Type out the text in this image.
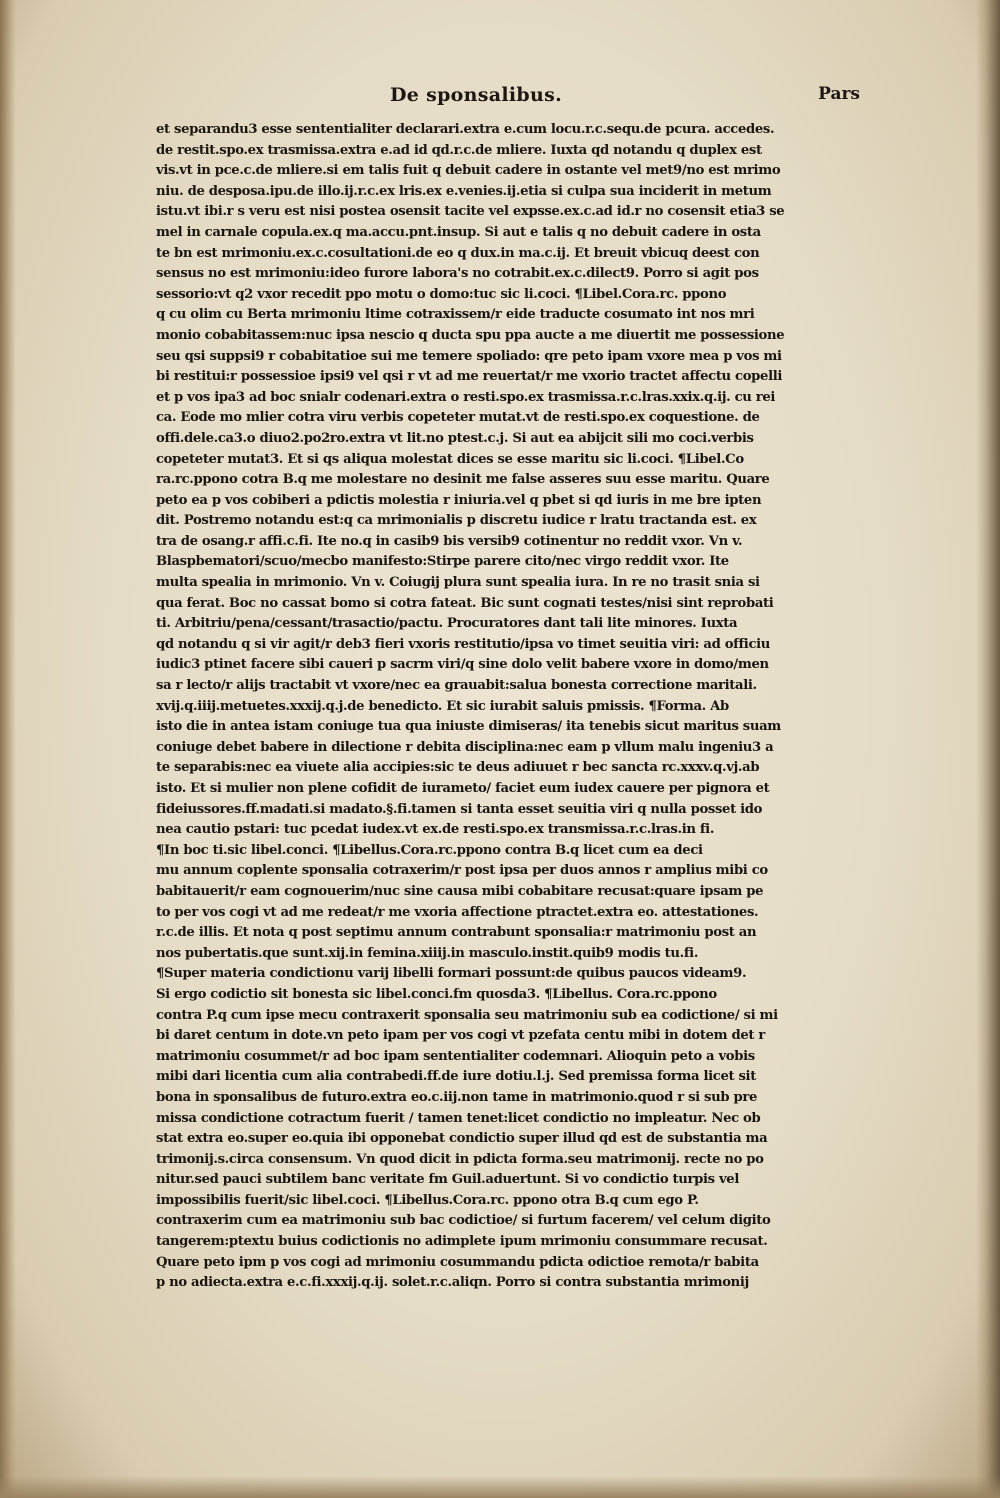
De sponsalibus.	Pars
et separandu3 esse sententialiter declarari.extra e.cum locu.r.c.sequ.de pcura. accedes.
de restit.spo.ex trasmissa.extra e.ad id qd.r.c.de mliere. Iuxta qd notandu q duplex est
vis.vt in pce.c.de mliere.si em talis fuit q debuit cadere in ostante vel met9/no est mrimo
niu. de desposa.ipu.de illo.ij.r.c.ex lris.ex e.venies.ij.etia si culpa sua inciderit in metum
istu.vt ibi.r s veru est nisi postea osensit tacite vel expsse.ex.c.ad id.r no cosensit etia3 se
mel in carnale copula.ex.q ma.accu.pnt.insup. Si aut e talis q no debuit cadere in osta
te bn est mrimoniu.ex.c.cosultationi.de eo q dux.in ma.c.ij. Et breuit vbicuq deest con
sensus no est mrimoniu:ideo furore labora's no cotrabit.ex.c.dilect9. Porro si agit pos
sessorio:vt q2 vxor recedit ppo motu o domo:tuc sic li.coci. ¶Libel.Cora.rc. ppono
q cu olim cu Berta mrimoniu ltime cotraxissem/r eide traducte cosumato int nos mri
monio cobabitassem:nuc ipsa nescio q ducta spu ppa aucte a me diuertit me possessione
seu qsi suppsi9 r cobabitatioe sui me temere spoliado: qre peto ipam vxore mea p vos mi
bi restitui:r possessioe ipsi9 vel qsi r vt ad me reuertat/r me vxorio tractet affectu copelli
et p vos ipa3 ad boc snialr codenari.extra o resti.spo.ex trasmissa.r.c.lras.xxix.q.ij. cu rei
ca. Eode mo mlier cotra viru verbis copeteter mutat.vt de resti.spo.ex coquestione. de
offi.dele.ca3.o diuo2.po2ro.extra vt lit.no ptest.c.j. Si aut ea abijcit sili mo coci.verbis
copeteter mutat3. Et si qs aliqua molestat dices se esse maritu sic li.coci. ¶Libel.Co
ra.rc.ppono cotra B.q me molestare no desinit me false asseres suu esse maritu. Quare
peto ea p vos cobiberi a pdictis molestia r iniuria.vel q pbet si qd iuris in me bre ipten
dit. Postremo notandu est:q ca mrimonialis p discretu iudice r lratu tractanda est. ex
tra de osang.r affi.c.fi. Ite no.q in casib9 bis versib9 cotinentur no reddit vxor. Vn v.
Blaspbematori/scuo/mecbo manifesto:Stirpe parere cito/nec virgo reddit vxor. Ite
multa spealia in mrimonio. Vn v. Coiugij plura sunt spealia iura. In re no trasit snia si
qua ferat. Boc no cassat bomo si cotra fateat. Bic sunt cognati testes/nisi sint reprobati
ti. Arbitriu/pena/cessant/trasactio/pactu. Procuratores dant tali lite minores. Iuxta
qd notandu q si vir agit/r deb3 fieri vxoris restitutio/ipsa vo timet seuitia viri: ad officiu
iudic3 ptinet facere sibi caueri p sacrm viri/q sine dolo velit babere vxore in domo/men
sa r lecto/r alijs tractabit vt vxore/nec ea grauabit:salua bonesta correctione maritali.
xvij.q.iiij.metuetes.xxxij.q.j.de benedicto. Et sic iurabit saluis pmissis. ¶Forma. Ab
isto die in antea istam coniuge tua qua iniuste dimiseras/ ita tenebis sicut maritus suam
coniuge debet babere in dilectione r debita disciplina:nec eam p vllum malu ingeniu3 a
te separabis:nec ea viuete alia accipies:sic te deus adiuuet r bec sancta rc.xxxv.q.vj.ab
isto. Et si mulier non plene cofidit de iurameto/ faciet eum iudex cauere per pignora et
fideiussores.ff.madati.si madato.§.fi.tamen si tanta esset seuitia viri q nulla posset ido
nea cautio pstari: tuc pcedat iudex.vt ex.de resti.spo.ex transmissa.r.c.lras.in fi.
¶In boc ti.sic libel.conci. ¶Libellus.Cora.rc.ppono contra B.q licet cum ea deci
mu annum coplente sponsalia cotraxerim/r post ipsa per duos annos r amplius mibi co
babitauerit/r eam cognouerim/nuc sine causa mibi cobabitare recusat:quare ipsam pe
to per vos cogi vt ad me redeat/r me vxoria affectione ptractet.extra eo. attestationes.
r.c.de illis. Et nota q post septimu annum contrabunt sponsalia:r matrimoniu post an
nos pubertatis.que sunt.xij.in femina.xiiij.in masculo.instit.quib9 modis tu.fi.
¶Super materia condictionu varij libelli formari possunt:de quibus paucos videam9.
Si ergo codictio sit bonesta sic libel.conci.fm quosda3. ¶Libellus. Cora.rc.ppono
contra P.q cum ipse mecu contraxerit sponsalia seu matrimoniu sub ea codictione/ si mi
bi daret centum in dote.vn peto ipam per vos cogi vt pzefata centu mibi in dotem det r
matrimoniu cosummet/r ad boc ipam sententialiter codemnari. Alioquin peto a vobis
mibi dari licentia cum alia contrabedi.ff.de iure dotiu.l.j. Sed premissa forma licet sit
bona in sponsalibus de futuro.extra eo.c.iij.non tame in matrimonio.quod r si sub pre
missa condictione cotractum fuerit / tamen tenet:licet condictio no impleatur. Nec ob
stat extra eo.super eo.quia ibi opponebat condictio super illud qd est de substantia ma
trimonij.s.circa consensum. Vn quod dicit in pdicta forma.seu matrimonij. recte no po
nitur.sed pauci subtilem banc veritate fm Guil.aduertunt. Si vo condictio turpis vel
impossibilis fuerit/sic libel.coci. ¶Libellus.Cora.rc. ppono otra B.q cum ego P.
contraxerim cum ea matrimoniu sub bac codictioe/ si furtum facerem/ vel celum digito
tangerem:ptextu buius codictionis no adimplete ipum mrimoniu consummare recusat.
Quare peto ipm p vos cogi ad mrimoniu cosummandu pdicta odictioe remota/r babita
p no adiecta.extra e.c.fi.xxxij.q.ij. solet.r.c.aliqn. Porro si contra substantia mrimonij
